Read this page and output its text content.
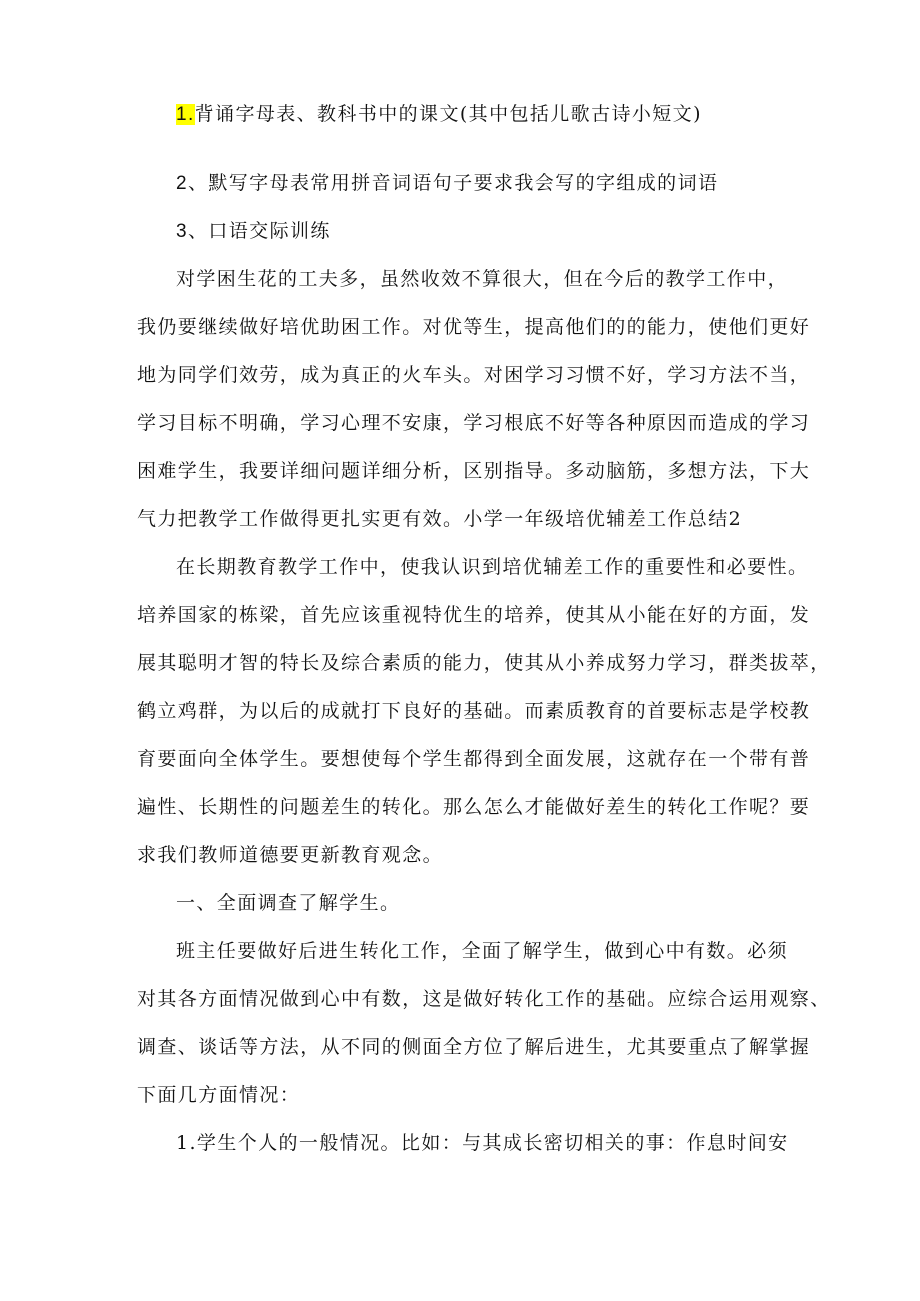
1.背诵字母表、教科书中的课文(其中包括儿歌古诗小短文)
2、默写字母表常用拼音词语句子要求我会写的字组成的词语
3、口语交际训练
对学困生花的工夫多，虽然收效不算很大，但在今后的教学工作中，
我仍要继续做好培优助困工作。对优等生，提高他们的的能力，使他们更好
地为同学们效劳，成为真正的火车头。对困学习习惯不好，学习方法不当，
学习目标不明确，学习心理不安康，学习根底不好等各种原因而造成的学习
困难学生，我要详细问题详细分析，区别指导。多动脑筋，多想方法，下大
气力把教学工作做得更扎实更有效。小学一年级培优辅差工作总结2
在长期教育教学工作中，使我认识到培优辅差工作的重要性和必要性。
培养国家的栋梁，首先应该重视特优生的培养，使其从小能在好的方面，发
展其聪明才智的特长及综合素质的能力，使其从小养成努力学习，群类拔萃，
鹤立鸡群，为以后的成就打下良好的基础。而素质教育的首要标志是学校教
育要面向全体学生。要想使每个学生都得到全面发展，这就存在一个带有普
遍性、长期性的问题差生的转化。那么怎么才能做好差生的转化工作呢？要
求我们教师道德要更新教育观念。
一、全面调查了解学生。
班主任要做好后进生转化工作，全面了解学生，做到心中有数。必须
对其各方面情况做到心中有数，这是做好转化工作的基础。应综合运用观察、
调查、谈话等方法，从不同的侧面全方位了解后进生，尤其要重点了解掌握
下面几方面情况：
1.学生个人的一般情况。比如：与其成长密切相关的事：作息时间安
